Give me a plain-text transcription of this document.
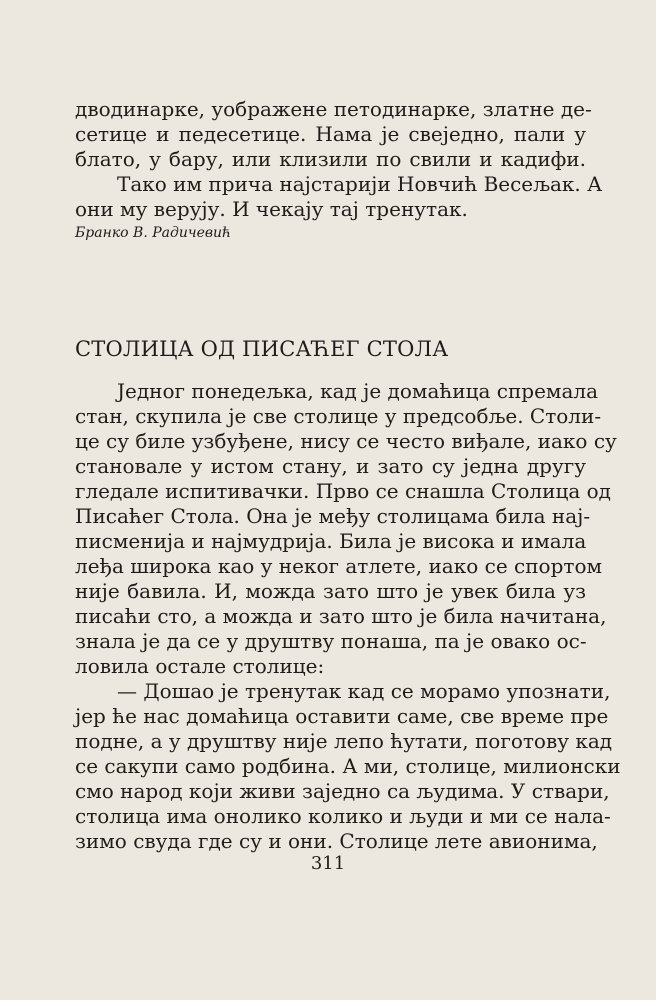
дводинарке, уображене петодинарке, златне де-
сетице и педесетице. Нама је свеједно, пали у
блато, у бару, или клизили по свили и кадифи.
Тако им прича најстарији Новчић Весељак. А
они му верују. И чекају тај тренутак.
Бранко В. Радичевић
СТОЛИЦА ОД ПИСАЋЕГ СТОЛА
Једног понедељка, кад је домаћица спремала
стан, скупила је све столице у предсобље. Столи-
це су биле узбуђене, нису се често виђале, иако су
становале у истом стану, и зато су једна другу
гледале испитивачки. Прво се снашла Столица од
Писаћег Стола. Она је међу столицама била нај-
писменија и најмудрија. Била је висока и имала
леђа широка као у неког атлете, иако се спортом
није бавила. И, можда зато што је увек била уз
писаћи сто, а можда и зато што је била начитана,
знала је да се у друштву понаша, па је овако ос-
ловила остале столице:
— Дошао је тренутак кад се морамо упознати,
јер ће нас домаћица оставити саме, све време пре
подне, а у друштву није лепо ћутати, поготову кад
се сакупи само родбина. А ми, столице, милионски
смо народ који живи заједно са људима. У ствари,
столица има онолико колико и људи и ми се нала-
зимо свуда где су и они. Столице лете авионима,
311
